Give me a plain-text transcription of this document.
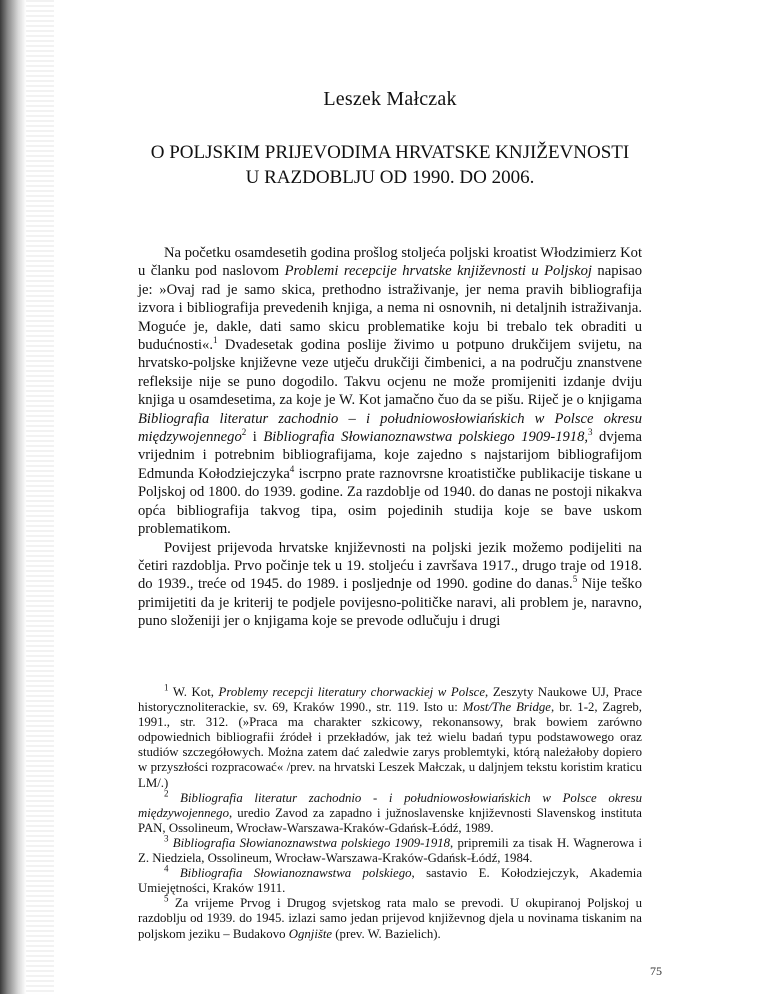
Leszek Małczak
O POLJSKIM PRIJEVODIMA HRVATSKE KNJIŽEVNOSTI
U RAZDOBLJU OD 1990. DO 2006.

Na početku osamdesetih godina prošlog stoljeća poljski kroatist Włodzimierz Kot u članku pod naslovom Problemi recepcije hrvatske književnosti u Poljskoj napisao je: »Ovaj rad je samo skica, prethodno istraživanje, jer nema pravih bibliografija izvora i bibliografija prevedenih knjiga, a nema ni osnovnih, ni detaljnih istraživanja. Moguće je, dakle, dati samo skicu problematike koju bi trebalo tek obraditi u budućnosti«.$^1$ Dvadesetak godina poslije živimo u potpuno drukčijem svijetu, na hrvatsko-poljske književne veze utječu drukčiji čimbenici, a na području znanstvene refleksije nije se puno dogodilo. Takvu ocjenu ne može promijeniti izdanje dviju knjiga u osamdesetima, za koje je W. Kot jamačno čuo da se pišu. Riječ je o knjigama Bibliografia literatur zachodnio – i południowosłowiańskich w Polsce okresu międzywojennego$^2$ i Bibliografia Słowianoznawstwa polskiego 1909-1918,$^3$ dvjema vrijednim i potrebnim bibliografijama, koje zajedno s najstarijom bibliografijom Edmunda Kołodziejczyka$^4$ iscrpno prate raznovrsne kroatističke publikacije tiskane u Poljskoj od 1800. do 1939. godine. Za razdoblje od 1940. do danas ne postoji nikakva opća bibliografija takvog tipa, osim pojedinih studija koje se bave uskom problematikom.

Povijest prijevoda hrvatske književnosti na poljski jezik možemo podijeliti na četiri razdoblja. Prvo počinje tek u 19. stoljeću i završava 1917., drugo traje od 1918. do 1939., treće od 1945. do 1989. i posljednje od 1990. godine do danas.$^5$ Nije teško primijetiti da je kriterij te podjele povijesno-političke naravi, ali problem je, naravno, puno složeniji jer o knjigama koje se prevode odlučuju i drugi

$^1$ W. Kot, Problemy recepcji literatury chorwackiej w Polsce, Zeszyty Naukowe UJ, Prace historycznoliterackie, sv. 69, Kraków 1990., str. 119. Isto u: Most/The Bridge, br. 1-2, Zagreb, 1991., str. 312. (»Praca ma charakter szkicowy, rekonansowy, brak bowiem zarówno odpowiednich bibliografii źródeł i przekładów, jak też wielu badań typu podstawowego oraz studiów szczegółowych. Można zatem dać zaledwie zarys problemtyki, którą należałoby dopiero w przyszłości rozpracować« /prev. na hrvatski Leszek Małczak, u daljnjem tekstu koristim kraticu LM/.)

$^2$ Bibliografia literatur zachodnio - i południowosłowiańskich w Polsce okresu międzywojennego, uredio Zavod za zapadno i južnoslavenske književnosti Slavenskog instituta PAN, Ossolineum, Wrocław-Warszawa-Kraków-Gdańsk-Łódź, 1989.

$^3$ Bibliografia Słowianoznawstwa polskiego 1909-1918, pripremili za tisak H. Wagnerowa i Z. Niedziela, Ossolineum, Wrocław-Warszawa-Kraków-Gdańsk-Łódź, 1984.

$^4$ Bibliografia Słowianoznawstwa polskiego, sastavio E. Kołodziejczyk, Akademia Umiejętności, Kraków 1911.

$^5$ Za vrijeme Prvog i Drugog svjetskog rata malo se prevodi. U okupiranoj Poljskoj u razdoblju od 1939. do 1945. izlazi samo jedan prijevod književnog djela u novinama tiskanim na poljskom jeziku – Budakovo Ognjište (prev. W. Bazielich).

75
